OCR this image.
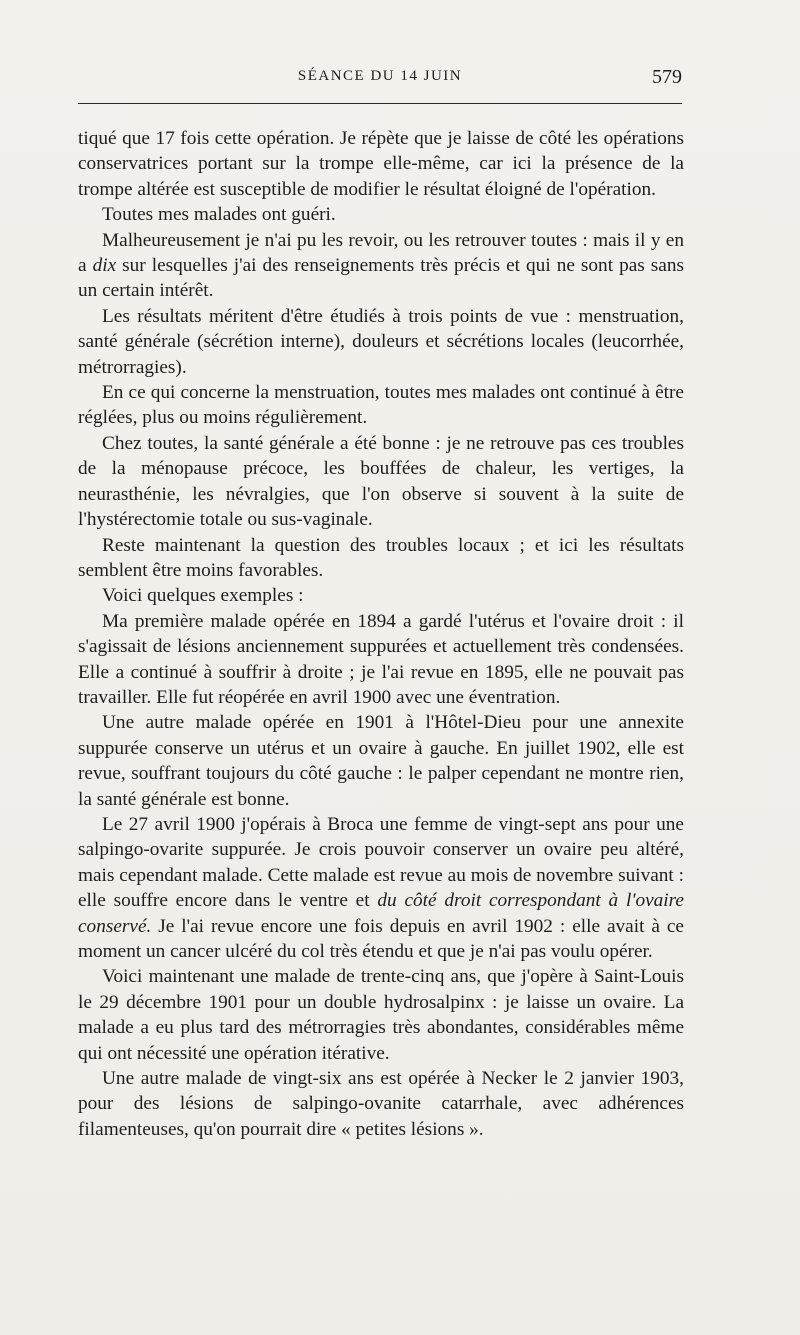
SÉANCE DU 14 JUIN	579

tiqué que 17 fois cette opération. Je répète que je laisse de côté les opérations conservatrices portant sur la trompe elle-même, car ici la présence de la trompe altérée est susceptible de modifier le résultat éloigné de l'opération.

Toutes mes malades ont guéri.

Malheureusement je n'ai pu les revoir, ou les retrouver toutes : mais il y en a dix sur lesquelles j'ai des renseignements très précis et qui ne sont pas sans un certain intérêt.

Les résultats méritent d'être étudiés à trois points de vue : menstruation, santé générale (sécrétion interne), douleurs et sécrétions locales (leucorrhée, métrorragies).

En ce qui concerne la menstruation, toutes mes malades ont continué à être réglées, plus ou moins régulièrement.

Chez toutes, la santé générale a été bonne : je ne retrouve pas ces troubles de la ménopause précoce, les bouffées de chaleur, les vertiges, la neurasthénie, les névralgies, que l'on observe si souvent à la suite de l'hystérectomie totale ou sus-vaginale.

Reste maintenant la question des troubles locaux ; et ici les résultats semblent être moins favorables.

Voici quelques exemples :

Ma première malade opérée en 1894 a gardé l'utérus et l'ovaire droit : il s'agissait de lésions anciennement suppurées et actuellement très condensées. Elle a continué à souffrir à droite ; je l'ai revue en 1895, elle ne pouvait pas travailler. Elle fut réopérée en avril 1900 avec une éventration.

Une autre malade opérée en 1901 à l'Hôtel-Dieu pour une annexite suppurée conserve un utérus et un ovaire à gauche. En juillet 1902, elle est revue, souffrant toujours du côté gauche : le palper cependant ne montre rien, la santé générale est bonne.

Le 27 avril 1900 j'opérais à Broca une femme de vingt-sept ans pour une salpingo-ovarite suppurée. Je crois pouvoir conserver un ovaire peu altéré, mais cependant malade. Cette malade est revue au mois de novembre suivant : elle souffre encore dans le ventre et du côté droit correspondant à l'ovaire conservé. Je l'ai revue encore une fois depuis en avril 1902 : elle avait à ce moment un cancer ulcéré du col très étendu et que je n'ai pas voulu opérer.

Voici maintenant une malade de trente-cinq ans, que j'opère à Saint-Louis le 29 décembre 1901 pour un double hydrosalpinx : je laisse un ovaire. La malade a eu plus tard des métrorragies très abondantes, considérables même qui ont nécessité une opération itérative.

Une autre malade de vingt-six ans est opérée à Necker le 2 janvier 1903, pour des lésions de salpingo-ovanite catarrhale, avec adhérences filamenteuses, qu'on pourrait dire « petites lésions ».
